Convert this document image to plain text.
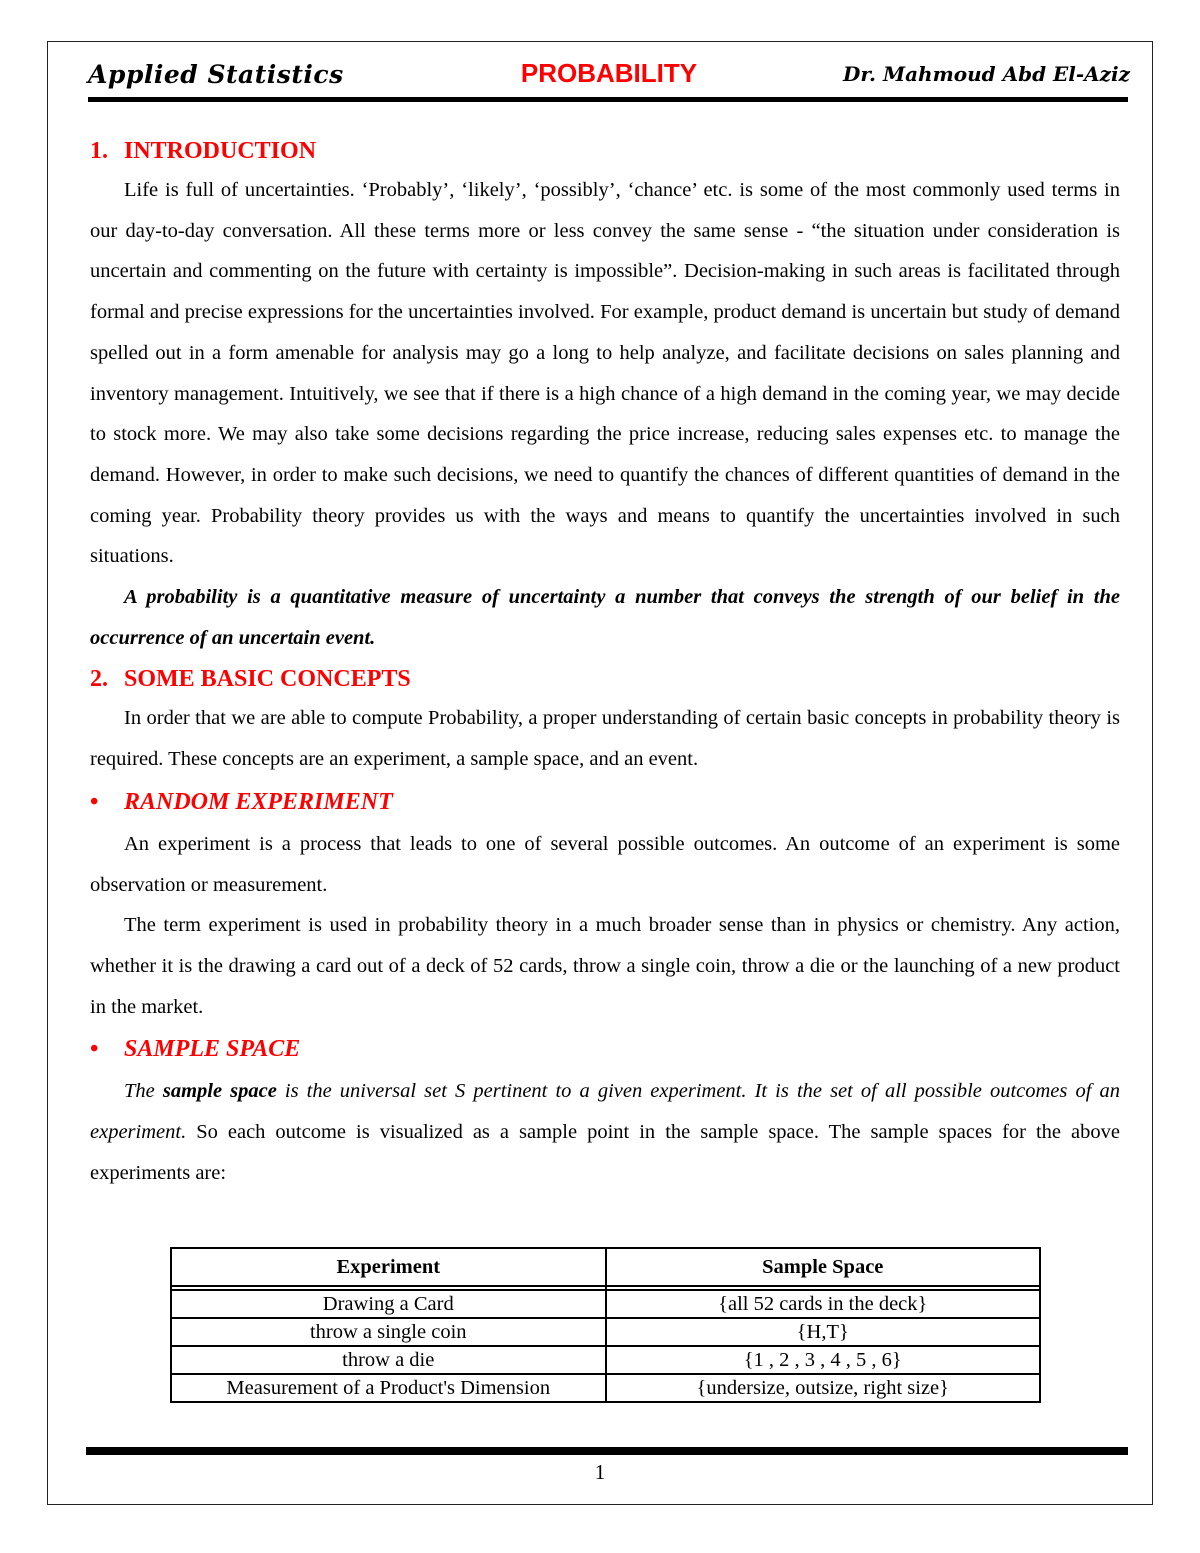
Applied Statistics	PROBABILITY	Dr. Mahmoud Abd El-Aziz
1. INTRODUCTION

Life is full of uncertainties. ‘Probably’, ‘likely’, ‘possibly’, ‘chance’ etc. is some of the most commonly used terms in our day-to-day conversation. All these terms more or less convey the same sense - “the situation under consideration is uncertain and commenting on the future with certainty is impossible”. Decision-making in such areas is facilitated through formal and precise expressions for the uncertainties involved. For example, product demand is uncertain but study of demand spelled out in a form amenable for analysis may go a long to help analyze, and facilitate decisions on sales planning and inventory management. Intuitively, we see that if there is a high chance of a high demand in the coming year, we may decide to stock more. We may also take some decisions regarding the price increase, reducing sales expenses etc. to manage the demand. However, in order to make such decisions, we need to quantify the chances of different quantities of demand in the coming year. Probability theory provides us with the ways and means to quantify the uncertainties involved in such situations.

A probability is a quantitative measure of uncertainty a number that conveys the strength of our belief in the occurrence of an uncertain event.

2. SOME BASIC CONCEPTS

In order that we are able to compute Probability, a proper understanding of certain basic concepts in probability theory is required. These concepts are an experiment, a sample space, and an event.

• RANDOM EXPERIMENT

An experiment is a process that leads to one of several possible outcomes. An outcome of an experiment is some observation or measurement.

The term experiment is used in probability theory in a much broader sense than in physics or chemistry. Any action, whether it is the drawing a card out of a deck of 52 cards, throw a single coin, throw a die or the launching of a new product in the market.

• SAMPLE SPACE

The sample space is the universal set S pertinent to a given experiment. It is the set of all possible outcomes of an experiment. So each outcome is visualized as a sample point in the sample space. The sample spaces for the above experiments are:

Experiment	Sample Space

Drawing a Card	{all 52 cards in the deck}
throw a single coin	{H,T}
throw a die	{1 , 2 , 3 , 4 , 5 , 6}
Measurement of a Product's Dimension	{undersize, outsize, right size}
1
